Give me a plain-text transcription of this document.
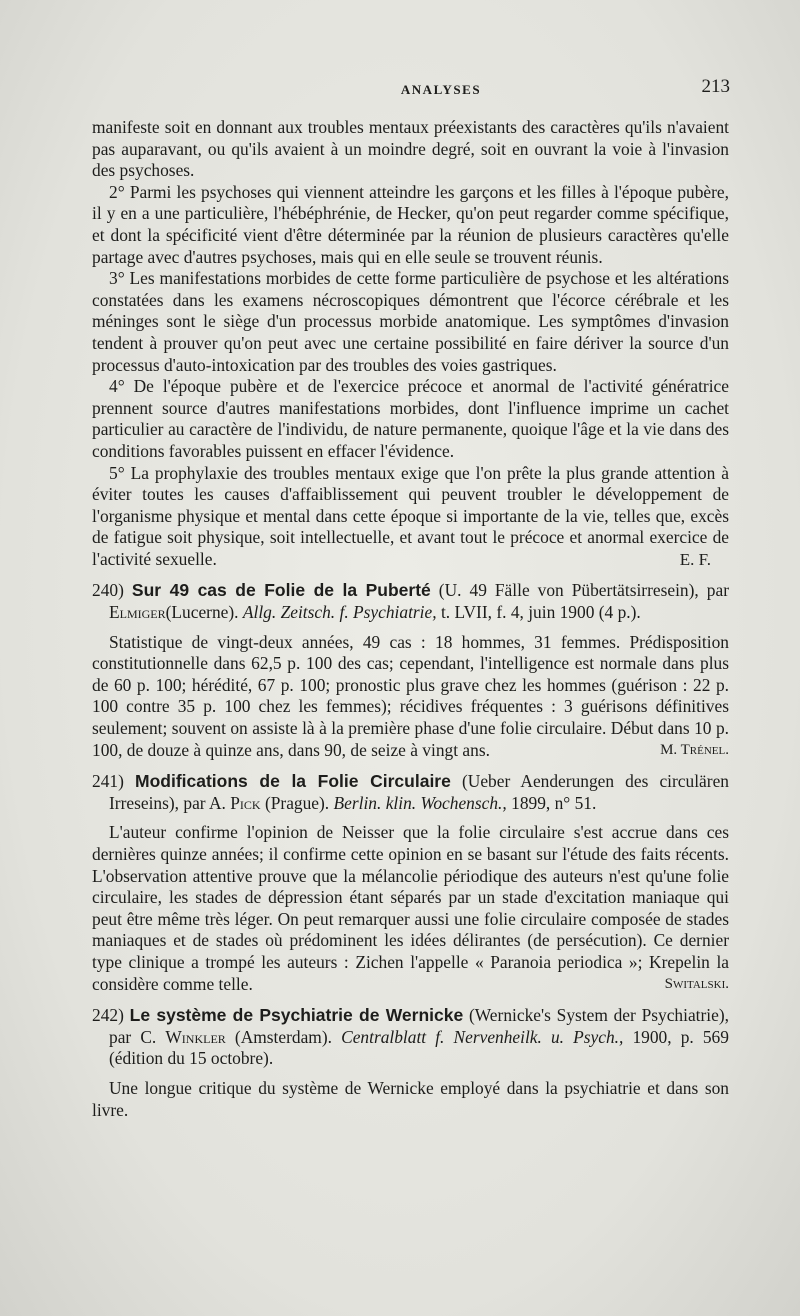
ANALYSES	213

manifeste soit en donnant aux troubles mentaux préexistants des caractères qu'ils n'avaient pas auparavant, ou qu'ils avaient à un moindre degré, soit en ouvrant la voie à l'invasion des psychoses.

2° Parmi les psychoses qui viennent atteindre les garçons et les filles à l'époque pubère, il y en a une particulière, l'hébéphrénie, de Hecker, qu'on peut regarder comme spécifique, et dont la spécificité vient d'être déterminée par la réunion de plusieurs caractères qu'elle partage avec d'autres psychoses, mais qui en elle seule se trouvent réunis.

3° Les manifestations morbides de cette forme particulière de psychose et les altérations constatées dans les examens nécroscopiques démontrent que l'écorce cérébrale et les méninges sont le siège d'un processus morbide anatomique. Les symptômes d'invasion tendent à prouver qu'on peut avec une certaine possibilité en faire dériver la source d'un processus d'auto-intoxication par des troubles des voies gastriques.

4° De l'époque pubère et de l'exercice précoce et anormal de l'activité génératrice prennent source d'autres manifestations morbides, dont l'influence imprime un cachet particulier au caractère de l'individu, de nature permanente, quoique l'âge et la vie dans des conditions favorables puissent en effacer l'évidence.

5° La prophylaxie des troubles mentaux exige que l'on prête la plus grande attention à éviter toutes les causes d'affaiblissement qui peuvent troubler le développement de l'organisme physique et mental dans cette époque si importante de la vie, telles que, excès de fatigue soit physique, soit intellectuelle, et avant tout le précoce et anormal exercice de l'activité sexuelle.	E. F.

240) Sur 49 cas de Folie de la Puberté (U. 49 Fälle von Pübertätsirresein), par Elmiger(Lucerne). Allg. Zeitsch. f. Psychiatrie, t. LVII, f. 4, juin 1900 (4 p.).

Statistique de vingt-deux années, 49 cas : 18 hommes, 31 femmes. Prédisposition constitutionnelle dans 62,5 p. 100 des cas; cependant, l'intelligence est normale dans plus de 60 p. 100; hérédité, 67 p. 100; pronostic plus grave chez les hommes (guérison : 22 p. 100 contre 35 p. 100 chez les femmes); récidives fréquentes : 3 guérisons définitives seulement; souvent on assiste là à la première phase d'une folie circulaire. Début dans 10 p. 100, de douze à quinze ans, dans 90, de seize à vingt ans.	M. Trénel.

241) Modifications de la Folie Circulaire (Ueber Aenderungen des circulären Irreseins), par A. Pick (Prague). Berlin. klin. Wochensch., 1899, n° 51.

L'auteur confirme l'opinion de Neisser que la folie circulaire s'est accrue dans ces dernières quinze années; il confirme cette opinion en se basant sur l'étude des faits récents. L'observation attentive prouve que la mélancolie périodique des auteurs n'est qu'une folie circulaire, les stades de dépression étant séparés par un stade d'excitation maniaque qui peut être même très léger. On peut remarquer aussi une folie circulaire composée de stades maniaques et de stades où prédominent les idées délirantes (de persécution). Ce dernier type clinique a trompé les auteurs : Zichen l'appelle « Paranoia periodica »; Krepelin la considère comme telle.	Switalski.

242) Le système de Psychiatrie de Wernicke (Wernicke's System der Psychiatrie), par C. Winkler (Amsterdam). Centralblatt f. Nervenheilk. u. Psych., 1900, p. 569 (édition du 15 octobre).

Une longue critique du système de Wernicke employé dans la psychiatrie et dans son livre.
